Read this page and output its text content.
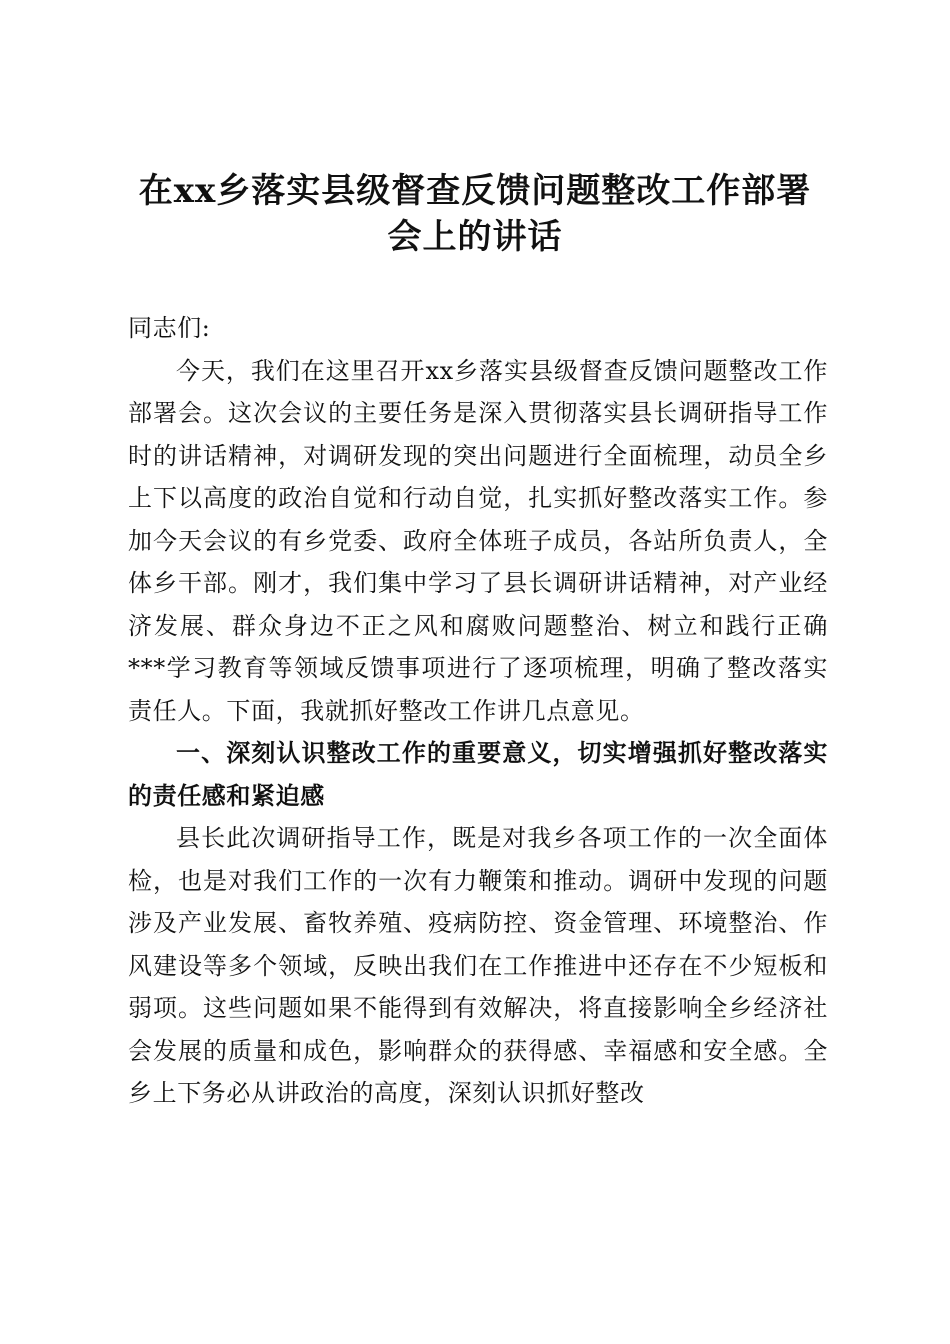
在xx乡落实县级督查反馈问题整改工作部署
会上的讲话

同志们:

今天，我们在这里召开xx乡落实县级督查反馈问题整改工作部署会。这次会议的主要任务是深入贯彻落实县长调研指导工作时的讲话精神，对调研发现的突出问题进行全面梳理，动员全乡上下以高度的政治自觉和行动自觉，扎实抓好整改落实工作。参加今天会议的有乡党委、政府全体班子成员，各站所负责人，全体乡干部。刚才，我们集中学习了县长调研讲话精神，对产业经济发展、群众身边不正之风和腐败问题整治、树立和践行正确***学习教育等领域反馈事项进行了逐项梳理，明确了整改落实责任人。下面，我就抓好整改工作讲几点意见。

一、深刻认识整改工作的重要意义，切实增强抓好整改落实的责任感和紧迫感

县长此次调研指导工作，既是对我乡各项工作的一次全面体检，也是对我们工作的一次有力鞭策和推动。调研中发现的问题涉及产业发展、畜牧养殖、疫病防控、资金管理、环境整治、作风建设等多个领域，反映出我们在工作推进中还存在不少短板和弱项。这些问题如果不能得到有效解决，将直接影响全乡经济社会发展的质量和成色，影响群众的获得感、幸福感和安全感。全乡上下务必从讲政治的高度，深刻认识抓好整改
